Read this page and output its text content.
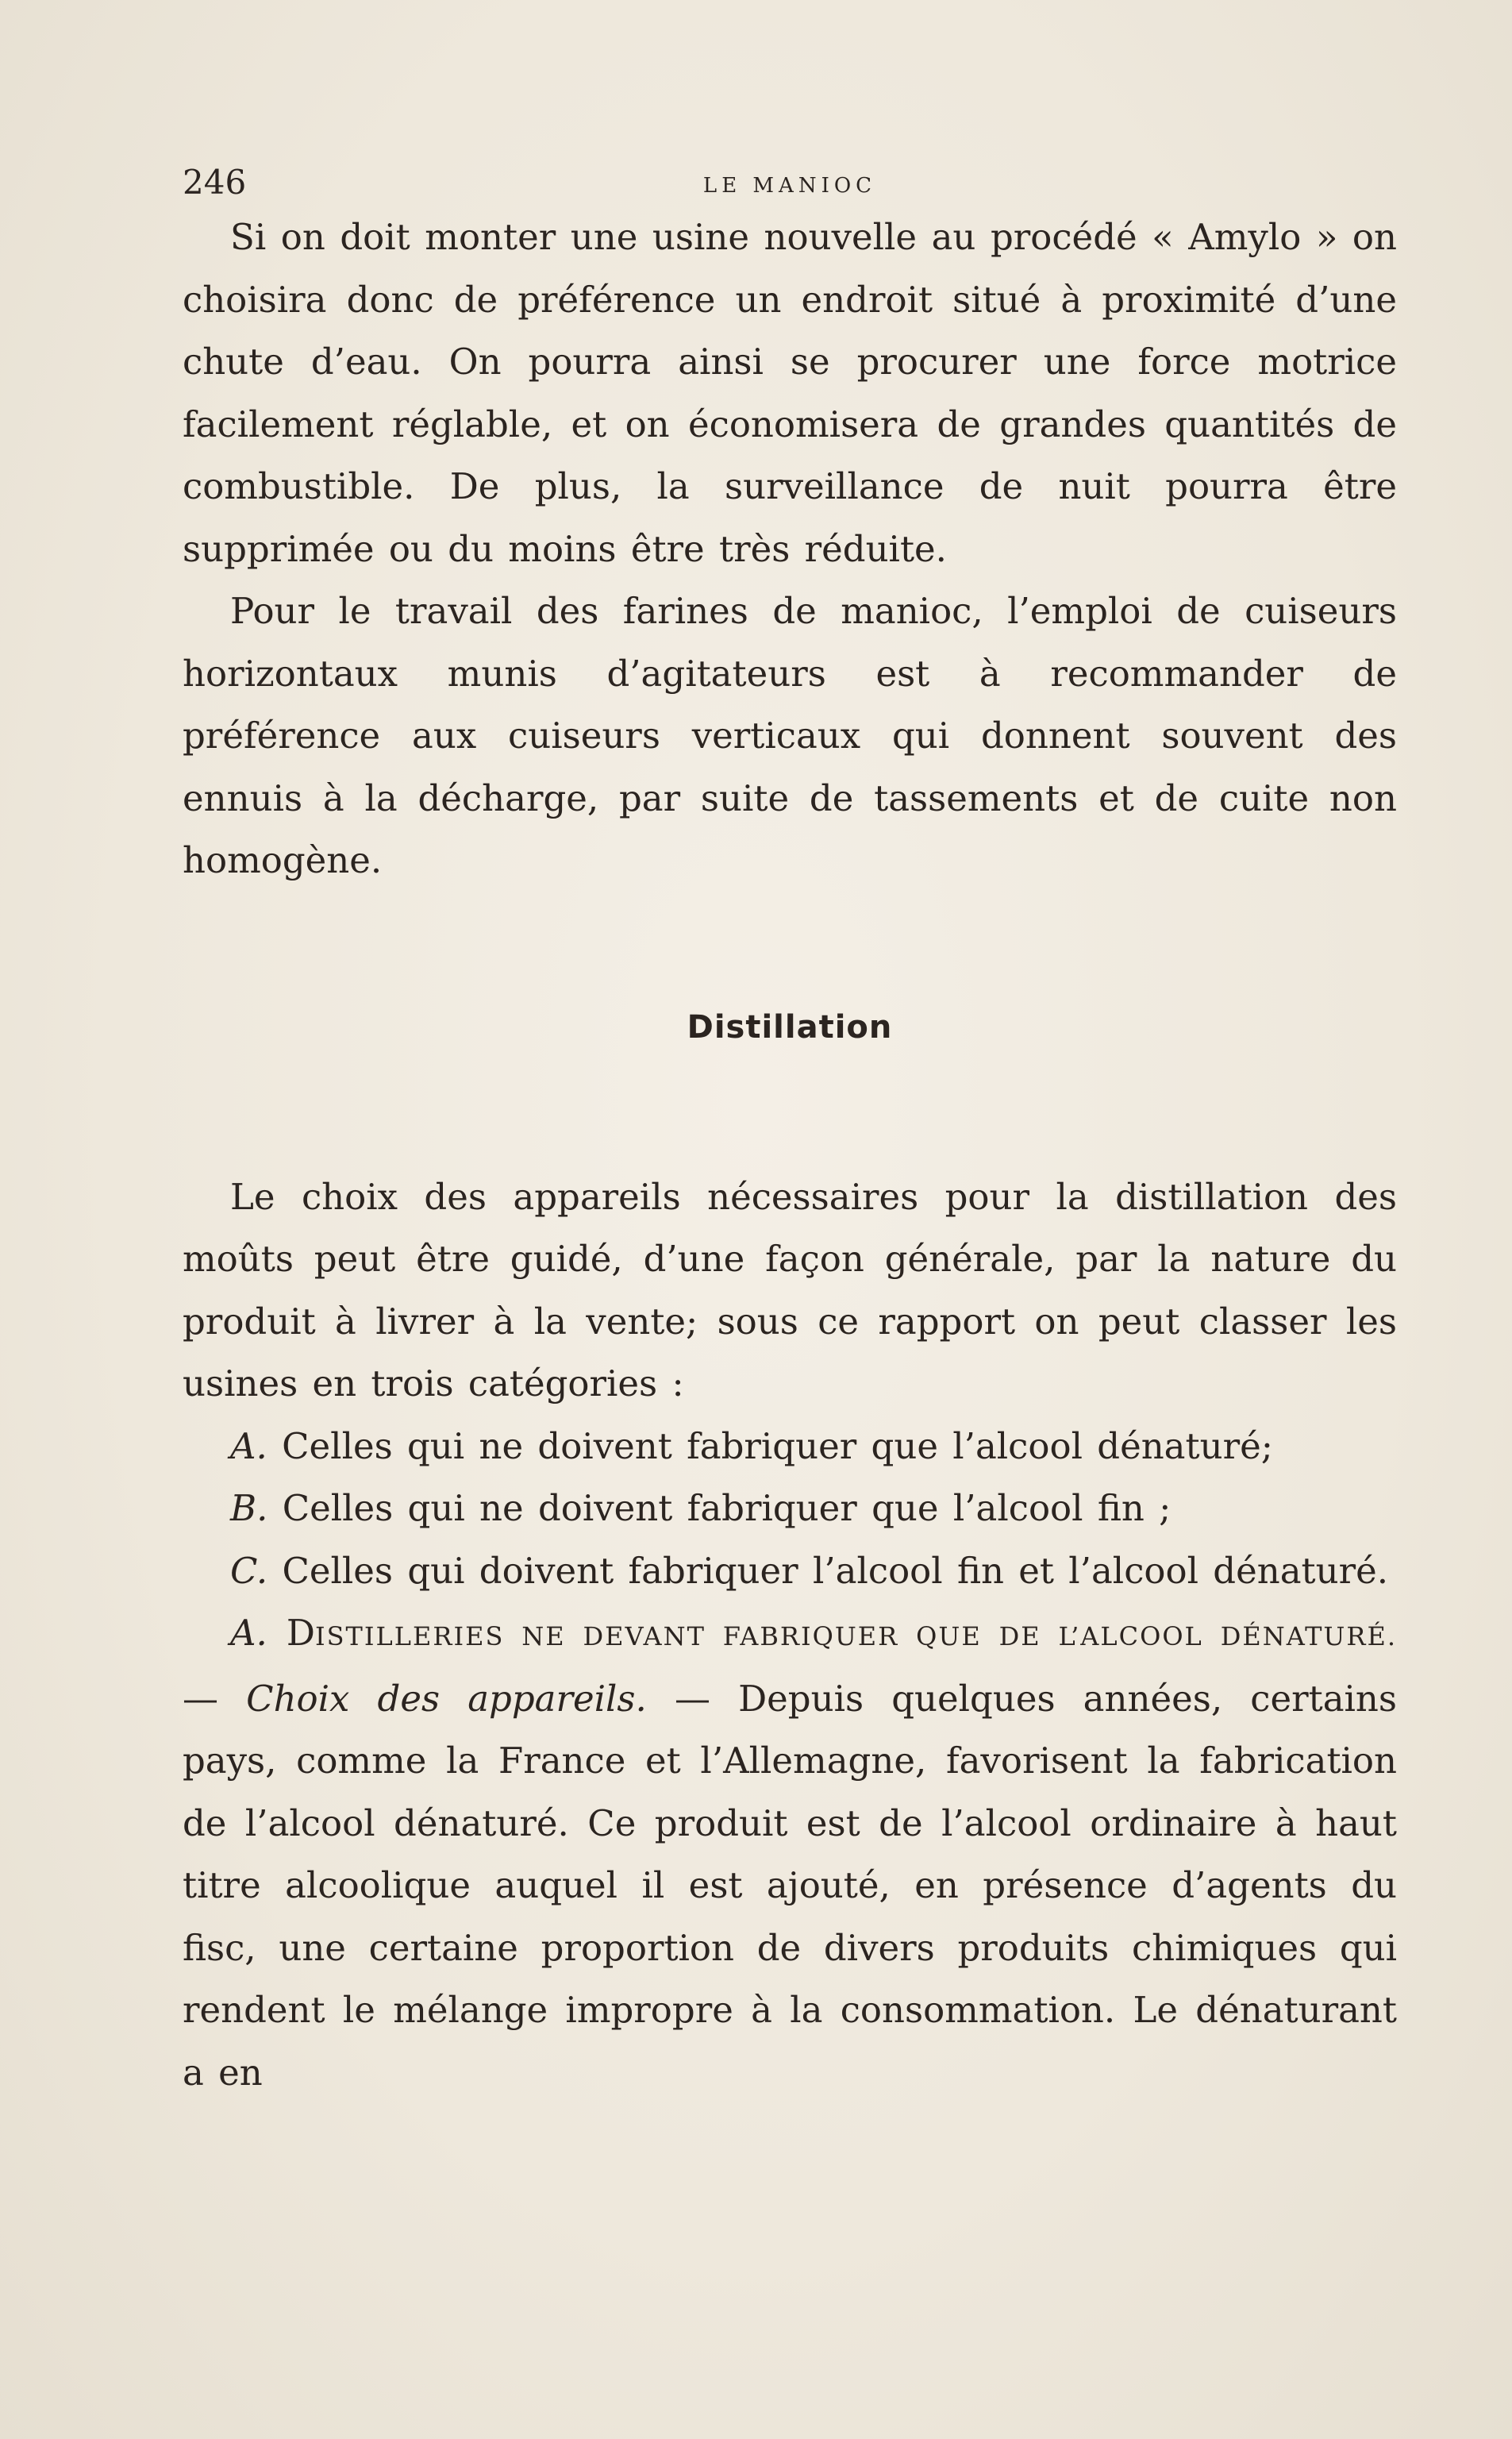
246	LE MANIOC

Si on doit monter une usine nouvelle au procédé « Amylo » on choisira donc de préférence un endroit situé à proximité d’une chute d’eau. On pourra ainsi se procurer une force motrice facilement réglable, et on économisera de grandes quantités de combustible. De plus, la surveillance de nuit pourra être supprimée ou du moins être très réduite.

Pour le travail des farines de manioc, l’emploi de cuiseurs horizontaux munis d’agitateurs est à recommander de préférence aux cuiseurs verticaux qui donnent souvent des ennuis à la décharge, par suite de tassements et de cuite non homogène.

Distillation

Le choix des appareils nécessaires pour la distillation des moûts peut être guidé, d’une façon générale, par la nature du produit à livrer à la vente; sous ce rapport on peut classer les usines en trois catégories :

A. Celles qui ne doivent fabriquer que l’alcool dénaturé;

B. Celles qui ne doivent fabriquer que l’alcool fin ;

C. Celles qui doivent fabriquer l’alcool fin et l’alcool dénaturé.

A. DISTILLERIES NE DEVANT FABRIQUER QUE DE L’ALCOOL DÉNATURÉ. — Choix des appareils. — Depuis quelques années, certains pays, comme la France et l’Allemagne, favorisent la fabrication de l’alcool dénaturé. Ce produit est de l’alcool ordinaire à haut titre alcoolique auquel il est ajouté, en présence d’agents du fisc, une certaine proportion de divers produits chimiques qui rendent le mélange impropre à la consommation. Le dénaturant a en
